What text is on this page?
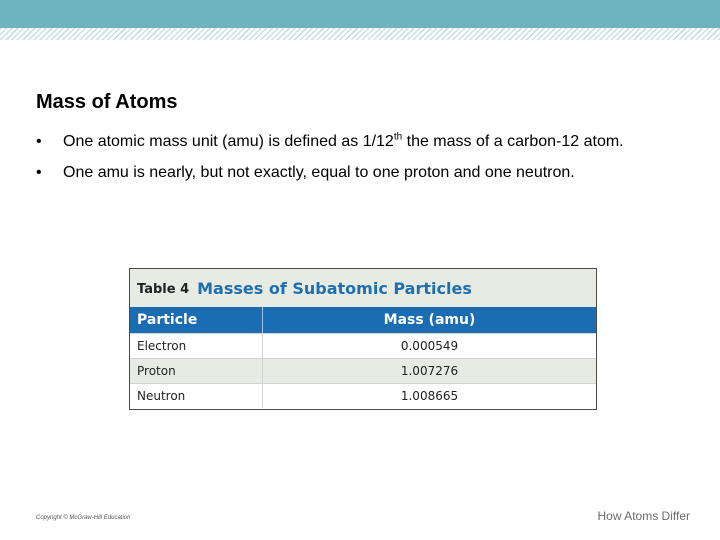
Mass of Atoms
• One atomic mass unit (amu) is defined as 1/12th the mass of a carbon-12 atom.
• One amu is nearly, but not exactly, equal to one proton and one neutron.
Table 4 Masses of Subatomic Particles
Particle	Mass (amu)
Electron	0.000549
Proton	1.007276
Neutron	1.008665
Copyright © McGraw-Hill Education	How Atoms Differ
